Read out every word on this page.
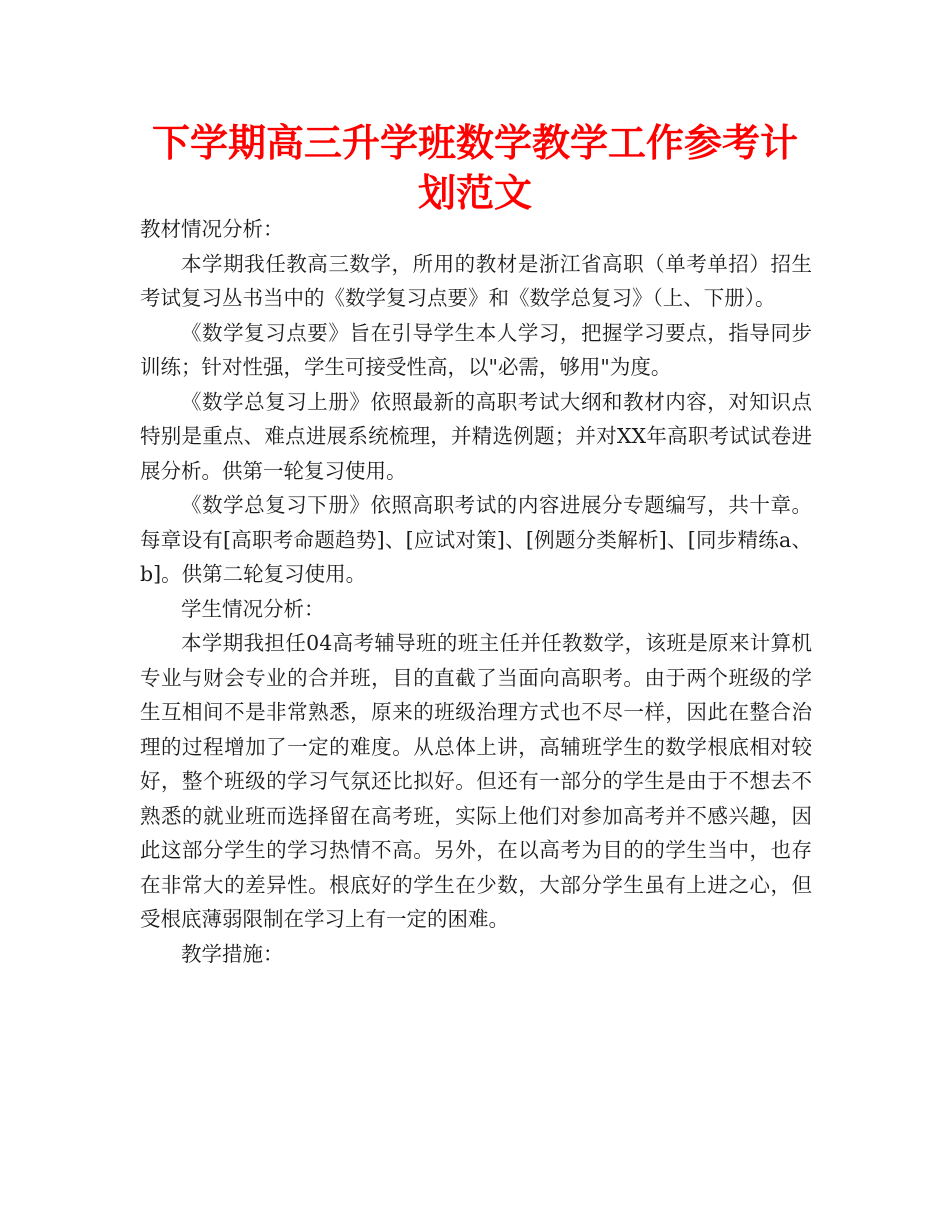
下学期高三升学班数学教学工作参考计划范文

教材情况分析：

本学期我任教高三数学，所用的教材是浙江省高职（单考单招）招生考试复习丛书当中的《数学复习点要》和《数学总复习》（上、下册）。

《数学复习点要》旨在引导学生本人学习，把握学习要点，指导同步训练；针对性强，学生可接受性高，以"必需，够用"为度。

《数学总复习上册》依照最新的高职考试大纲和教材内容，对知识点特别是重点、难点进展系统梳理，并精选例题；并对XX年高职考试试卷进展分析。供第一轮复习使用。

《数学总复习下册》依照高职考试的内容进展分专题编写，共十章。每章设有[高职考命题趋势]、[应试对策]、[例题分类解析]、[同步精练a、b]。供第二轮复习使用。

学生情况分析：

本学期我担任04高考辅导班的班主任并任教数学，该班是原来计算机专业与财会专业的合并班，目的直截了当面向高职考。由于两个班级的学生互相间不是非常熟悉，原来的班级治理方式也不尽一样，因此在整合治理的过程增加了一定的难度。从总体上讲，高辅班学生的数学根底相对较好，整个班级的学习气氛还比拟好。但还有一部分的学生是由于不想去不熟悉的就业班而选择留在高考班，实际上他们对参加高考并不感兴趣，因此这部分学生的学习热情不高。另外，在以高考为目的的学生当中，也存在非常大的差异性。根底好的学生在少数，大部分学生虽有上进之心，但受根底薄弱限制在学习上有一定的困难。

教学措施：
